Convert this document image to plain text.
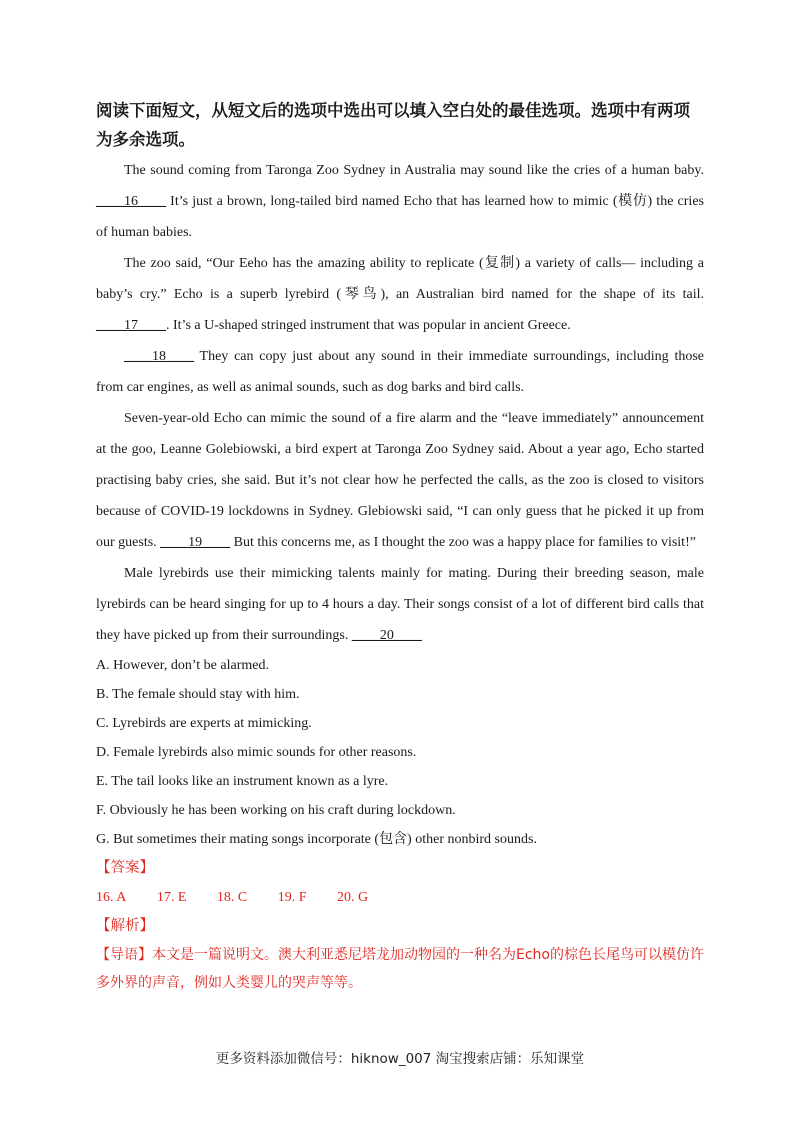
阅读下面短文，从短文后的选项中选出可以填入空白处的最佳选项。选项中有两项为多余选项。

The sound coming from Taronga Zoo Sydney in Australia may sound like the cries of a human baby. ____16____ It’s just a brown, long-tailed bird named Echo that has learned how to mimic (模仿) the cries of human babies.

The zoo said, “Our Eeho has the amazing ability to replicate (复制) a variety of calls— including a baby’s cry.” Echo is a superb lyrebird (琴鸟), an Australian bird named for the shape of its tail. ____17____. It’s a U-shaped stringed instrument that was popular in ancient Greece.

____18____ They can copy just about any sound in their immediate surroundings, including those from car engines, as well as animal sounds, such as dog barks and bird calls.

Seven-year-old Echo can mimic the sound of a fire alarm and the “leave immediately” announcement at the goo, Leanne Golebiowski, a bird expert at Taronga Zoo Sydney said. About a year ago, Echo started practising baby cries, she said. But it’s not clear how he perfected the calls, as the zoo is closed to visitors because of COVID-19 lockdowns in Sydney. Glebiowski said, “I can only guess that he picked it up from our guests. ____19____ But this concerns me, as I thought the zoo was a happy place for families to visit!”

Male lyrebirds use their mimicking talents mainly for mating. During their breeding season, male lyrebirds can be heard singing for up to 4 hours a day. Their songs consist of a lot of different bird calls that they have picked up from their surroundings. ____20____

A. However, don’t be alarmed.

B. The female should stay with him.

C. Lyrebirds are experts at mimicking.

D. Female lyrebirds also mimic sounds for other reasons.

E. The tail looks like an instrument known as a lyre.

F. Obviously he has been working on his craft during lockdown.

G. But sometimes their mating songs incorporate (包含) other nonbird sounds.

【答案】

16. A 17. E 18. C 19. F 20. G

【解析】

【导语】本文是一篇说明文。澳大利亚悉尼塔龙加动物园的一种名为Echo的棕色长尾鸟可以模仿许多外界的声音，例如人类婴儿的哭声等等。

更多资料添加微信号：hiknow_007 淘宝搜索店铺：乐知课堂
